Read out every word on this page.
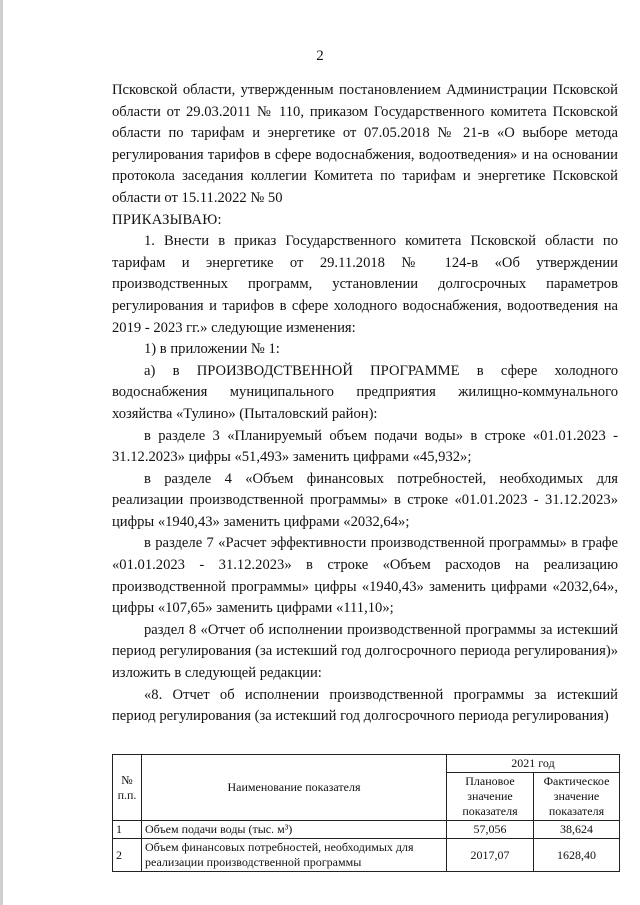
2

Псковской области, утвержденным постановлением Администрации Псковской области от 29.03.2011 № 110, приказом Государственного комитета Псковской области по тарифам и энергетике от 07.05.2018 № 21-в «О выборе метода регулирования тарифов в сфере водоснабжения, водоотведения» и на основании протокола заседания коллегии Комитета по тарифам и энергетике Псковской области от 15.11.2022 № 50

ПРИКАЗЫВАЮ:

1. Внести в приказ Государственного комитета Псковской области по тарифам и энергетике от 29.11.2018 № 124-в «Об утверждении производственных программ, установлении долгосрочных параметров регулирования и тарифов в сфере холодного водоснабжения, водоотведения на 2019 - 2023 гг.» следующие изменения:

1) в приложении № 1:

а) в ПРОИЗВОДСТВЕННОЙ ПРОГРАММЕ в сфере холодного водоснабжения муниципального предприятия жилищно-коммунального хозяйства «Тулинo» (Пыталовский район):

в разделе 3 «Планируемый объем подачи воды» в строке «01.01.2023 - 31.12.2023» цифры «51,493» заменить цифрами «45,932»;

в разделе 4 «Объем финансовых потребностей, необходимых для реализации производственной программы» в строке «01.01.2023 - 31.12.2023» цифры «1940,43» заменить цифрами «2032,64»;

в разделе 7 «Расчет эффективности производственной программы» в графе «01.01.2023 - 31.12.2023» в строке «Объем расходов на реализацию производственной программы» цифры «1940,43» заменить цифрами «2032,64», цифры «107,65» заменить цифрами «111,10»;

раздел 8 «Отчет об исполнении производственной программы за истекший период регулирования (за истекший год долгосрочного периода регулирования)» изложить в следующей редакции:

«8. Отчет об исполнении производственной программы за истекший период регулирования (за истекший год долгосрочного периода регулирования)

№ п.п.	Наименование показателя	2021 год	
		Плановое значение показателя	Фактическое значение показателя
1	Объем подачи воды (тыс. м³)	57,056	38,624
2	Объем финансовых потребностей, необходимых для реализации производственной программы	2017,07	1628,40
